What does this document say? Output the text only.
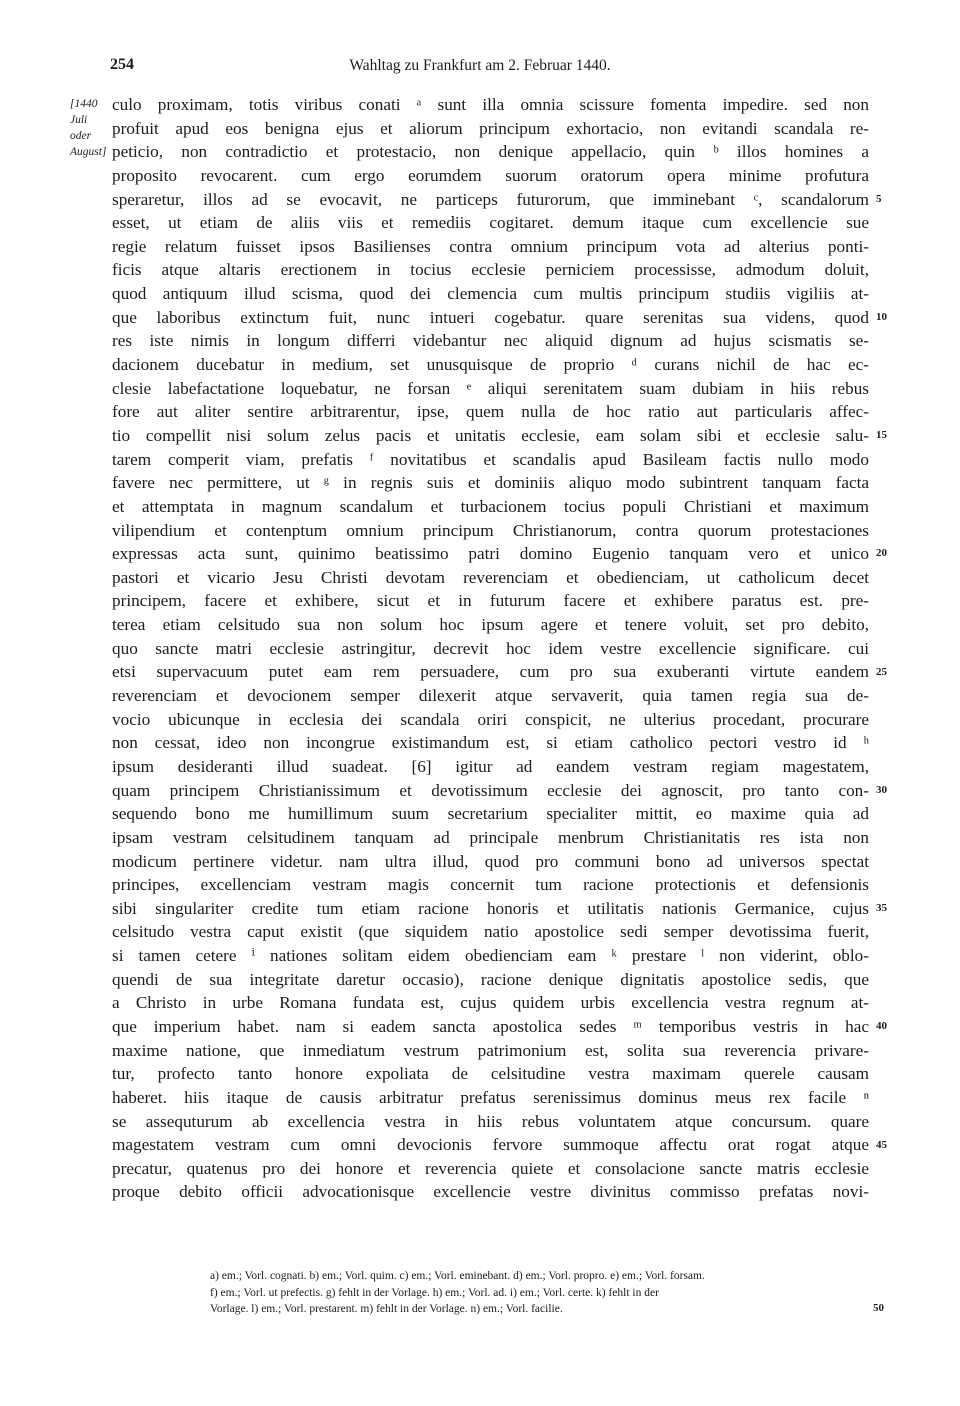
254	Wahltag zu Frankfurt am 2. Februar 1440.
[1440
Juli
oder
August]
culo proximam, totis viribus conati ᵃ sunt illa omnia scissure fomenta impedire. sed non
profuit apud eos benigna ejus et aliorum principum exhortacio, non evitandi scandala re-
peticio, non contradictio et protestacio, non denique appellacio, quin ᵇ illos homines a
proposito revocarent. cum ergo eorumdem suorum oratorum opera minime profutura
speraretur, illos ad se evocavit, ne particeps futurorum, que imminebant ᶜ, scandalorum
esset, ut etiam de aliis viis et remediis cogitaret. demum itaque cum excellencie sue
regie relatum fuisset ipsos Basilienses contra omnium principum vota ad alterius ponti-
ficis atque altaris erectionem in tocius ecclesie perniciem processisse, admodum doluit,
quod antiquum illud scisma, quod dei clemencia cum multis principum studiis vigiliis at-
que laboribus extinctum fuit, nunc intueri cogebatur. quare serenitas sua videns, quod
res iste nimis in longum differri videbantur nec aliquid dignum ad hujus scismatis se-
dacionem ducebatur in medium, set unusquisque de proprio ᵈ curans nichil de hac ec-
clesie labefactatione loquebatur, ne forsan ᵉ aliqui serenitatem suam dubiam in hiis rebus
fore aut aliter sentire arbitrarentur, ipse, quem nulla de hoc ratio aut particularis affec-
tio compellit nisi solum zelus pacis et unitatis ecclesie, eam solam sibi et ecclesie salu-
tarem comperit viam, prefatis ᶠ novitatibus et scandalis apud Basileam factis nullo modo
favere nec permittere, ut ᵍ in regnis suis et dominiis aliquo modo subintrent tanquam facta
et attemptata in magnum scandalum et turbacionem tocius populi Christiani et maximum
vilipendium et contenptum omnium principum Christianorum, contra quorum protestaciones
expressas acta sunt, quinimo beatissimo patri domino Eugenio tanquam vero et unico
pastori et vicario Jesu Christi devotam reverenciam et obedienciam, ut catholicum decet
principem, facere et exhibere, sicut et in futurum facere et exhibere paratus est. pre-
terea etiam celsitudo sua non solum hoc ipsum agere et tenere voluit, set pro debito,
quo sancte matri ecclesie astringitur, decrevit hoc idem vestre excellencie significare. cui
etsi supervacuum putet eam rem persuadere, cum pro sua exuberanti virtute eandem
reverenciam et devocionem semper dilexerit atque servaverit, quia tamen regia sua de-
vocio ubicunque in ecclesia dei scandala oriri conspicit, ne ulterius procedant, procurare
non cessat, ideo non incongrue existimandum est, si etiam catholico pectori vestro id ʰ
ipsum desideranti illud suadeat. [6] igitur ad eandem vestram regiam magestatem,
quam principem Christianissimum et devotissimum ecclesie dei agnoscit, pro tanto con-
sequendo bono me humillimum suum secretarium specialiter mittit, eo maxime quia ad
ipsam vestram celsitudinem tanquam ad principale menbrum Christianitatis res ista non
modicum pertinere videtur. nam ultra illud, quod pro communi bono ad universos spectat
principes, excellenciam vestram magis concernit tum racione protectionis et defensionis
sibi singulariter credite tum etiam racione honoris et utilitatis nationis Germanice, cujus
celsitudo vestra caput existit (que siquidem natio apostolice sedi semper devotissima fuerit,
si tamen cetere ⁱ nationes solitam eidem obedienciam eam ᵏ prestare ˡ non viderint, oblo-
quendi de sua integritate daretur occasio), racione denique dignitatis apostolice sedis, que
a Christo in urbe Romana fundata est, cujus quidem urbis excellencia vestra regnum at-
que imperium habet. nam si eadem sancta apostolica sedes ᵐ temporibus vestris in hac
maxime natione, que inmediatum vestrum patrimonium est, solita sua reverencia privare-
tur, profecto tanto honore expoliata de celsitudine vestra maximam querele causam
haberet. hiis itaque de causis arbitratur prefatus serenissimus dominus meus rex facile ⁿ
se assequturum ab excellencia vestra in hiis rebus voluntatem atque concursum. quare
magestatem vestram cum omni devocionis fervore summoque affectu orat rogat atque
precatur, quatenus pro dei honore et reverencia quiete et consolacione sancte matris ecclesie
proque debito officii advocationisque excellencie vestre divinitus commisso prefatas novi-
5
10
15
20
25
30
35
40
45
a) em.; Vorl. cognati. b) em.; Vorl. quim. c) em.; Vorl. eminebant. d) em.; Vorl. propro. e) em.; Vorl. forsam.
f) em.; Vorl. ut prefectis. g) fehlt in der Vorlage. h) em.; Vorl. ad. i) em.; Vorl. certe. k) fehlt in der
Vorlage. l) em.; Vorl. prestarent. m) fehlt in der Vorlage. n) em.; Vorl. facilie.	50
